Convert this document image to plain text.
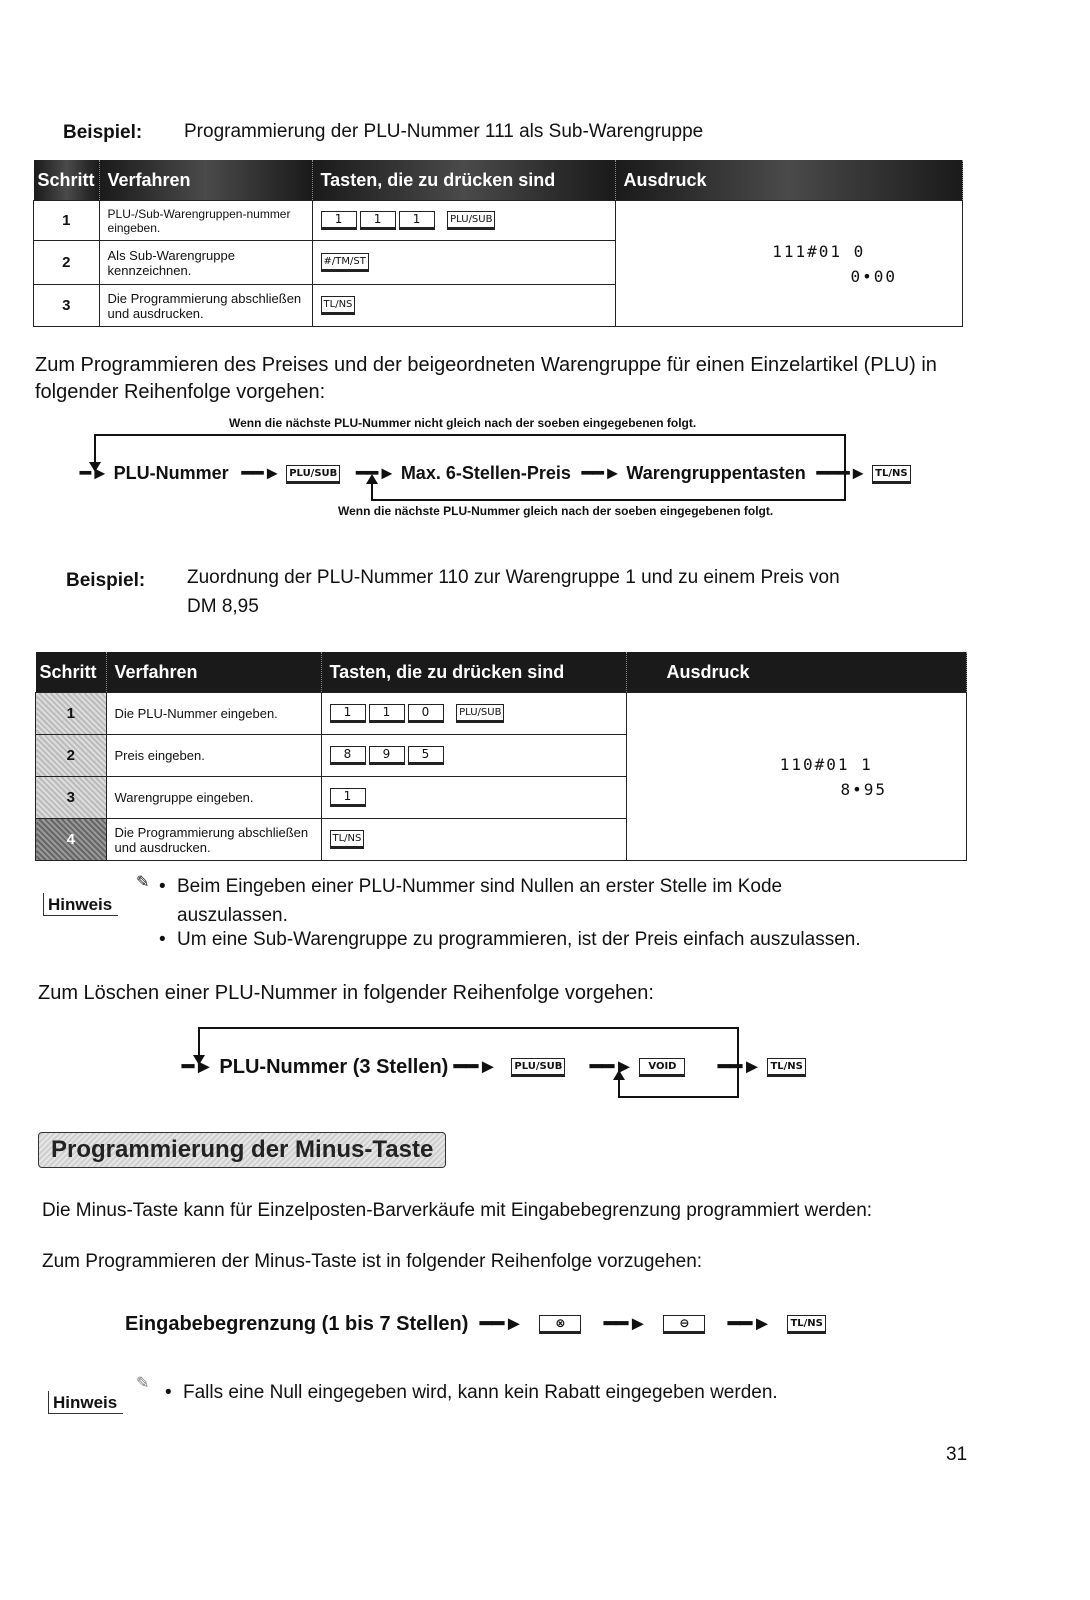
Beispiel: Programmierung der PLU-Nummer 111 als Sub-Warengruppe
Schritt	Verfahren	Tasten, die zu drücken sind	Ausdruck
1	PLU-/Sub-Warengruppen-nummer eingeben.	1 1 1 PLU/SUB	111#01 0
0•00

2	Als Sub-Warengruppe kennzeichnen.	#/TM/ST	
3	Die Programmierung abschließen und ausdrucken.	TL/NS	
Zum Programmieren des Preises und der beigeordneten Warengruppe für einen Einzelartikel (PLU) in folgender Reihenfolge vorgehen:
Wenn die nächste PLU-Nummer nicht gleich nach der soeben eingegebenen folgt.
━► PLU-Nummer ━━► PLU/SUB ━━► Max. 6-Stellen-Preis ━━► Warengruppentasten ━━━► TL/NS
Wenn die nächste PLU-Nummer gleich nach der soeben eingegebenen folgt.
Beispiel: Zuordnung der PLU-Nummer 110 zur Warengruppe 1 und zu einem Preis von
DM 8,95
Schritt	Verfahren	Tasten, die zu drücken sind	Ausdruck
1	Die PLU-Nummer eingeben.	1 1 0 PLU/SUB	110#01 1
8•95

2	Preis eingeben.	8 9 5	
3	Warengruppe eingeben.	1	
4	Die Programmierung abschließen und ausdrucken.	TL/NS	
Hinweis
✎ • Beim Eingeben einer PLU-Nummer sind Nullen an erster Stelle im Kode
auszulassen.
• Um eine Sub-Warengruppe zu programmieren, ist der Preis einfach auszulassen.
Zum Löschen einer PLU-Nummer in folgender Reihenfolge vorgehen:
━► PLU-Nummer (3 Stellen) ━━► PLU/SUB ━━► VOID ━━► TL/NS
Programmierung der Minus-Taste
Die Minus-Taste kann für Einzelposten-Barverkäufe mit Eingabebegrenzung programmiert werden:
Zum Programmieren der Minus-Taste ist in folgender Reihenfolge vorzugehen:
Eingabebegrenzung (1 bis 7 Stellen) ━━►	⊗ ━━►	⊖ ━━► TL/NS
Hinweis
✎ • Falls eine Null eingegeben wird, kann kein Rabatt eingegeben werden.
31
